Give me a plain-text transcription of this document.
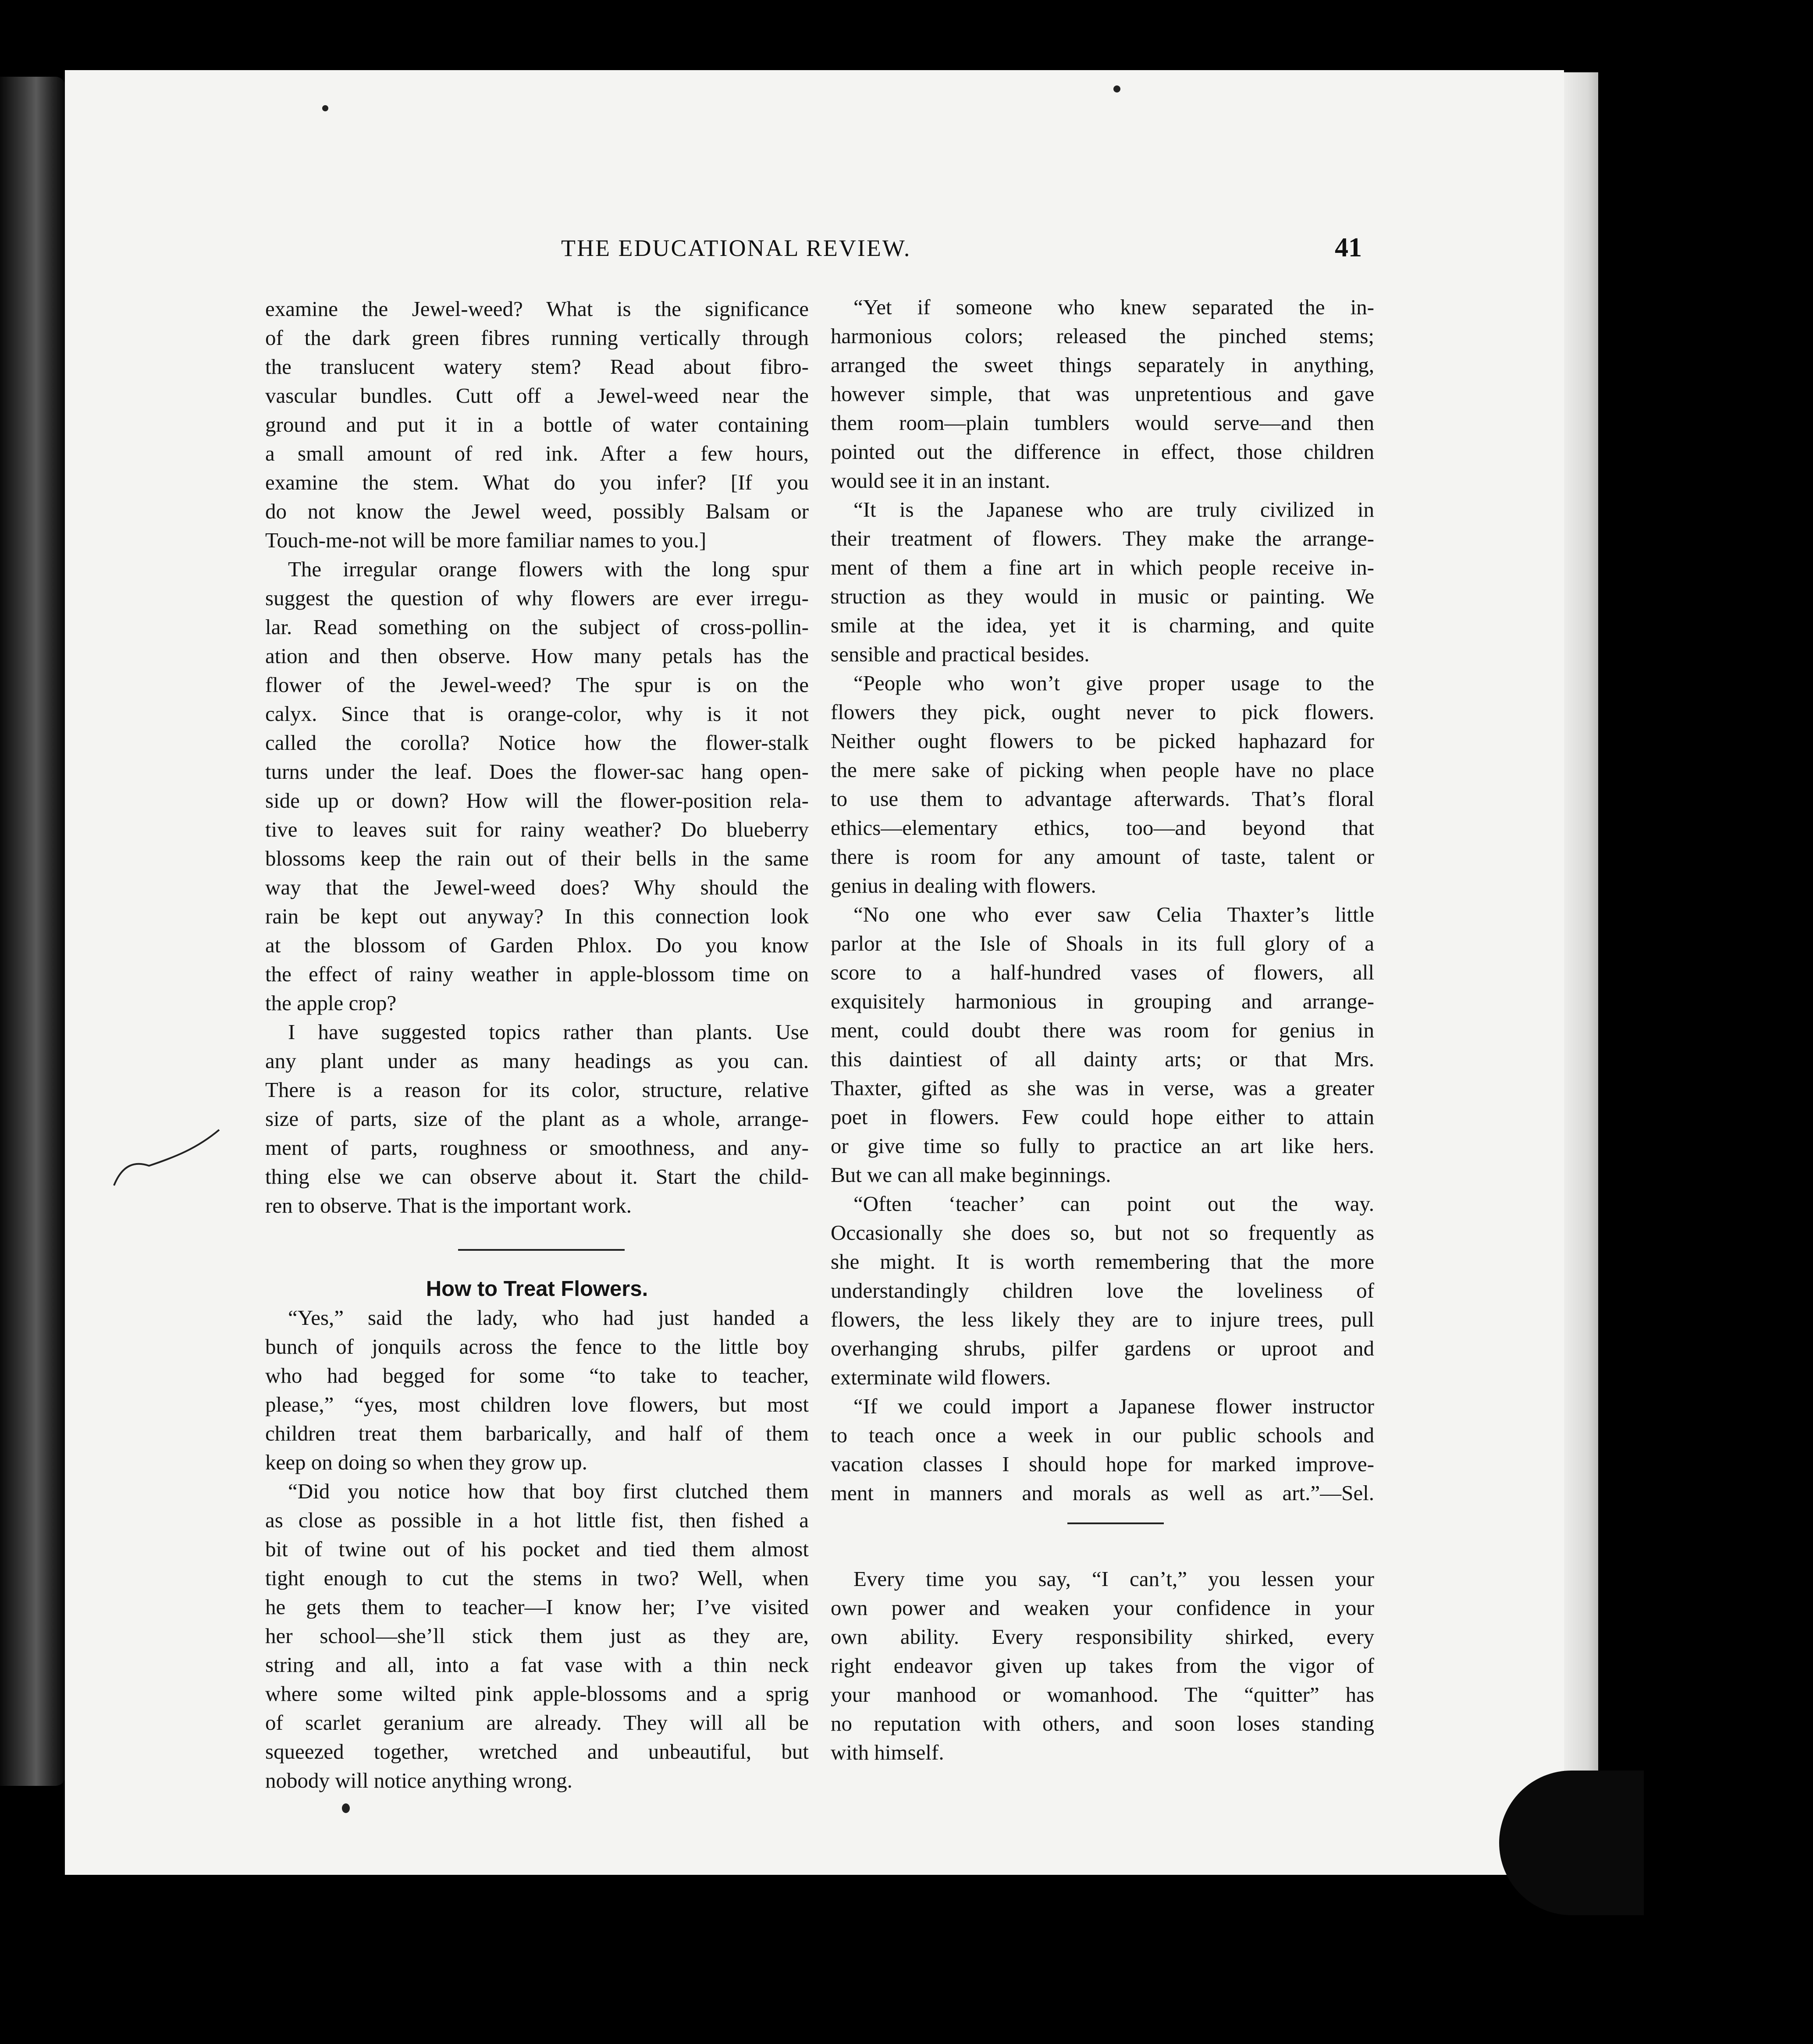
THE EDUCATIONAL REVIEW.	41
examine the Jewel-weed? What is the significance
of the dark green fibres running vertically through
the translucent watery stem? Read about fibro-
vascular bundles. Cutt off a Jewel-weed near the
ground and put it in a bottle of water containing
a small amount of red ink. After a few hours,
examine the stem. What do you infer? [If you
do not know the Jewel weed, possibly Balsam or
Touch-me-not will be more familiar names to you.]
The irregular orange flowers with the long spur
suggest the question of why flowers are ever irregu-
lar. Read something on the subject of cross-pollin-
ation and then observe. How many petals has the
flower of the Jewel-weed? The spur is on the
calyx. Since that is orange-color, why is it not
called the corolla? Notice how the flower-stalk
turns under the leaf. Does the flower-sac hang open-
side up or down? How will the flower-position rela-
tive to leaves suit for rainy weather? Do blueberry
blossoms keep the rain out of their bells in the same
way that the Jewel-weed does? Why should the
rain be kept out anyway? In this connection look
at the blossom of Garden Phlox. Do you know
the effect of rainy weather in apple-blossom time on
the apple crop?
I have suggested topics rather than plants. Use
any plant under as many headings as you can.
There is a reason for its color, structure, relative
size of parts, size of the plant as a whole, arrange-
ment of parts, roughness or smoothness, and any-
thing else we can observe about it. Start the child-
ren to observe. That is the important work.
How to Treat Flowers.
“Yes,” said the lady, who had just handed a
bunch of jonquils across the fence to the little boy
who had begged for some “to take to teacher,
please,” “yes, most children love flowers, but most
children treat them barbarically, and half of them
keep on doing so when they grow up.
“Did you notice how that boy first clutched them
as close as possible in a hot little fist, then fished a
bit of twine out of his pocket and tied them almost
tight enough to cut the stems in two? Well, when
he gets them to teacher—I know her; I’ve visited
her school—she’ll stick them just as they are,
string and all, into a fat vase with a thin neck
where some wilted pink apple-blossoms and a sprig
of scarlet geranium are already. They will all be
squeezed together, wretched and unbeautiful, but
nobody will notice anything wrong.
“Yet if someone who knew separated the in-
harmonious colors; released the pinched stems;
arranged the sweet things separately in anything,
however simple, that was unpretentious and gave
them room—plain tumblers would serve—and then
pointed out the difference in effect, those children
would see it in an instant.
“It is the Japanese who are truly civilized in
their treatment of flowers. They make the arrange-
ment of them a fine art in which people receive in-
struction as they would in music or painting. We
smile at the idea, yet it is charming, and quite
sensible and practical besides.
“People who won’t give proper usage to the
flowers they pick, ought never to pick flowers.
Neither ought flowers to be picked haphazard for
the mere sake of picking when people have no place
to use them to advantage afterwards. That’s floral
ethics—elementary ethics, too—and beyond that
there is room for any amount of taste, talent or
genius in dealing with flowers.
“No one who ever saw Celia Thaxter’s little
parlor at the Isle of Shoals in its full glory of a
score to a half-hundred vases of flowers, all
exquisitely harmonious in grouping and arrange-
ment, could doubt there was room for genius in
this daintiest of all dainty arts; or that Mrs.
Thaxter, gifted as she was in verse, was a greater
poet in flowers. Few could hope either to attain
or give time so fully to practice an art like hers.
But we can all make beginnings.
“Often ‘teacher’ can point out the way.
Occasionally she does so, but not so frequently as
she might. It is worth remembering that the more
understandingly children love the loveliness of
flowers, the less likely they are to injure trees, pull
overhanging shrubs, pilfer gardens or uproot and
exterminate wild flowers.
“If we could import a Japanese flower instructor
to teach once a week in our public schools and
vacation classes I should hope for marked improve-
ment in manners and morals as well as art.”—Sel.
Every time you say, “I can’t,” you lessen your
own power and weaken your confidence in your
own ability. Every responsibility shirked, every
right endeavor given up takes from the vigor of
your manhood or womanhood. The “quitter” has
no reputation with others, and soon loses standing
with himself.
